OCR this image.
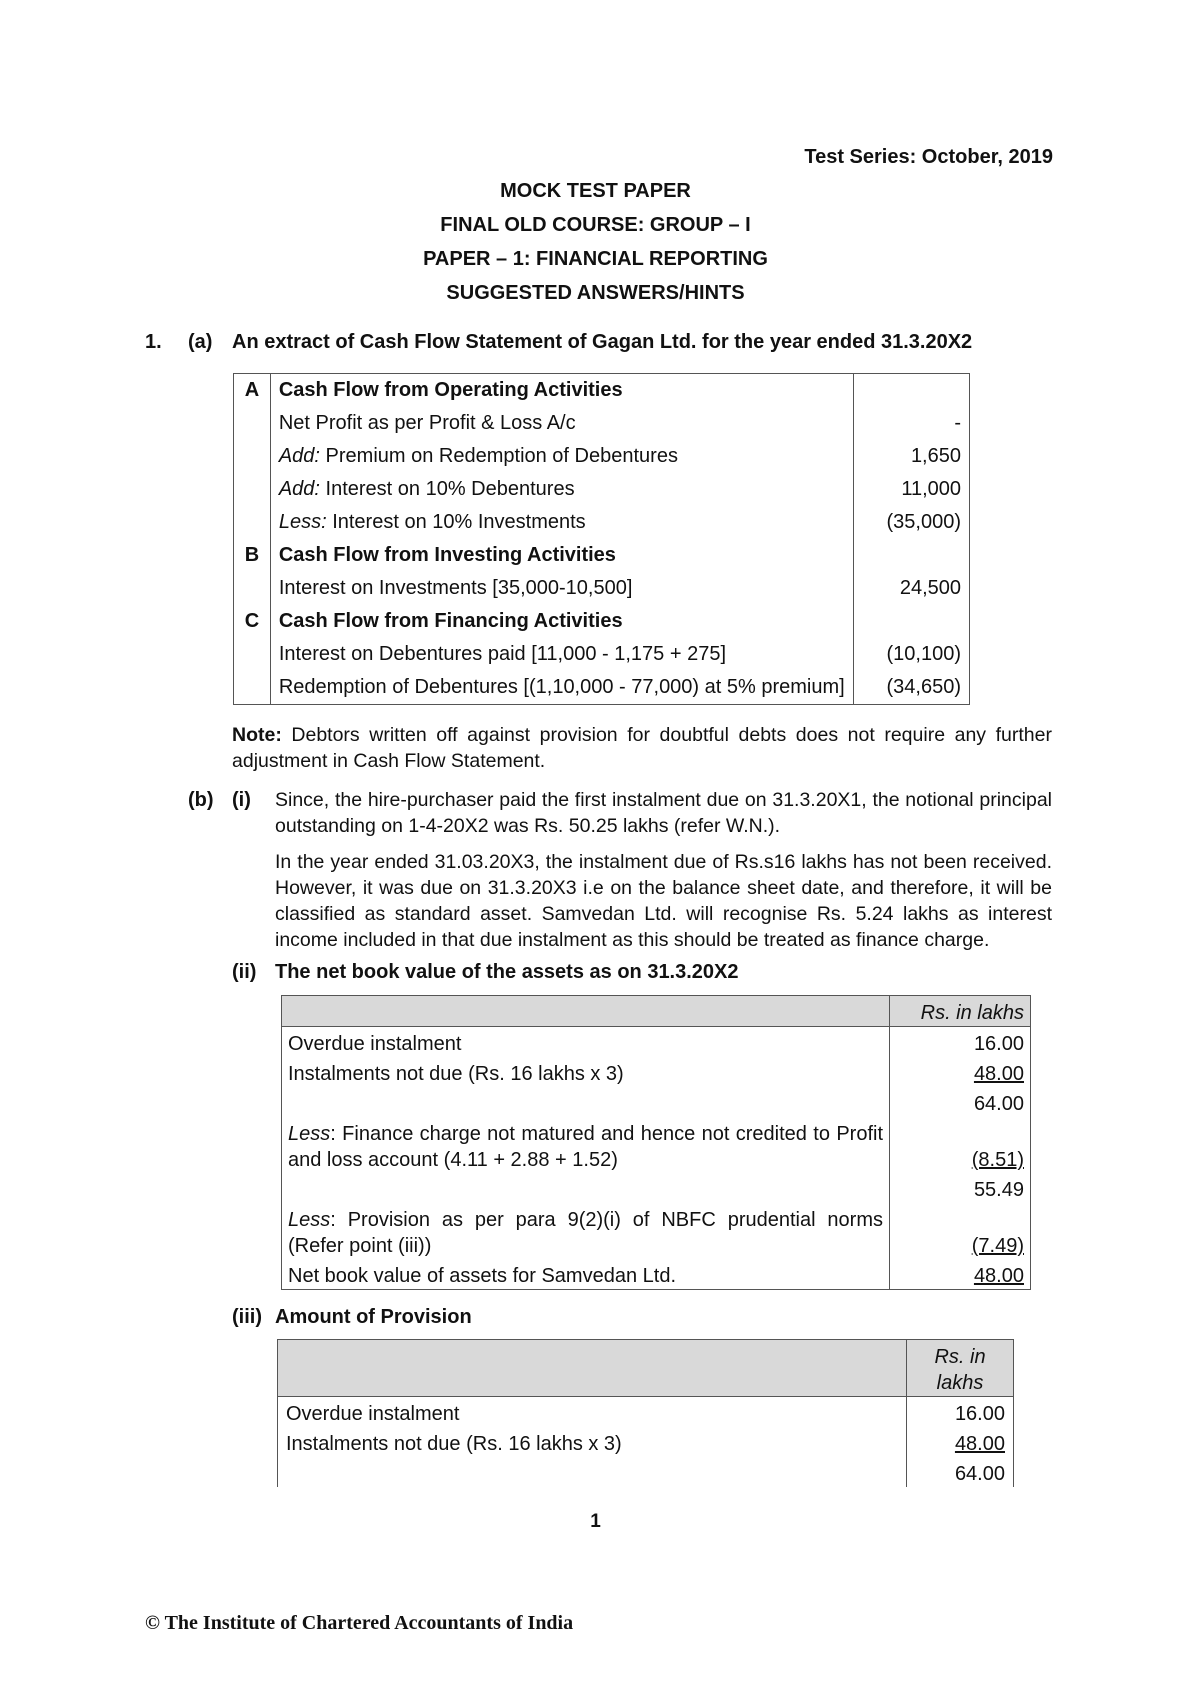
Test Series: October, 2019
MOCK TEST PAPER
FINAL OLD COURSE: GROUP – I
PAPER – 1: FINANCIAL REPORTING
SUGGESTED ANSWERS/HINTS
1. (a) An extract of Cash Flow Statement of Gagan Ltd. for the year ended 31.3.20X2
A	Cash Flow from Operating Activities	
	Net Profit as per Profit & Loss A/c	-
	Add: Premium on Redemption of Debentures	1,650
	Add: Interest on 10% Debentures	11,000
	Less: Interest on 10% Investments	(35,000)
B	Cash Flow from Investing Activities	
	Interest on Investments [35,000-10,500]	24,500
C	Cash Flow from Financing Activities	
	Interest on Debentures paid [11,000 - 1,175 + 275]	(10,100)
	Redemption of Debentures [(1,10,000 - 77,000) at 5% premium]	(34,650)
Note: Debtors written off against provision for doubtful debts does not require any further adjustment in Cash Flow Statement.
(b) (i) Since, the hire-purchaser paid the first instalment due on 31.3.20X1, the notional principal outstanding on 1-4-20X2 was Rs. 50.25 lakhs (refer W.N.).
In the year ended 31.03.20X3, the instalment due of Rs.s16 lakhs has not been received. However, it was due on 31.3.20X3 i.e on the balance sheet date, and therefore, it will be classified as standard asset. Samvedan Ltd. will recognise Rs. 5.24 lakhs as interest income included in that due instalment as this should be treated as finance charge.
(ii) The net book value of the assets as on 31.3.20X2
	Rs. in lakhs
Overdue instalment	16.00
Instalments not due (Rs. 16 lakhs x 3)	48.00
	64.00
Less: Finance charge not matured and hence not credited to Profit and loss account (4.11 + 2.88 + 1.52)	(8.51)
	55.49
Less: Provision as per para 9(2)(i) of NBFC prudential norms (Refer point (iii))	(7.49)
Net book value of assets for Samvedan Ltd.	48.00
(iii) Amount of Provision
	Rs. in lakhs
Overdue instalment	16.00
Instalments not due (Rs. 16 lakhs x 3)	48.00
	64.00
1
© The Institute of Chartered Accountants of India
